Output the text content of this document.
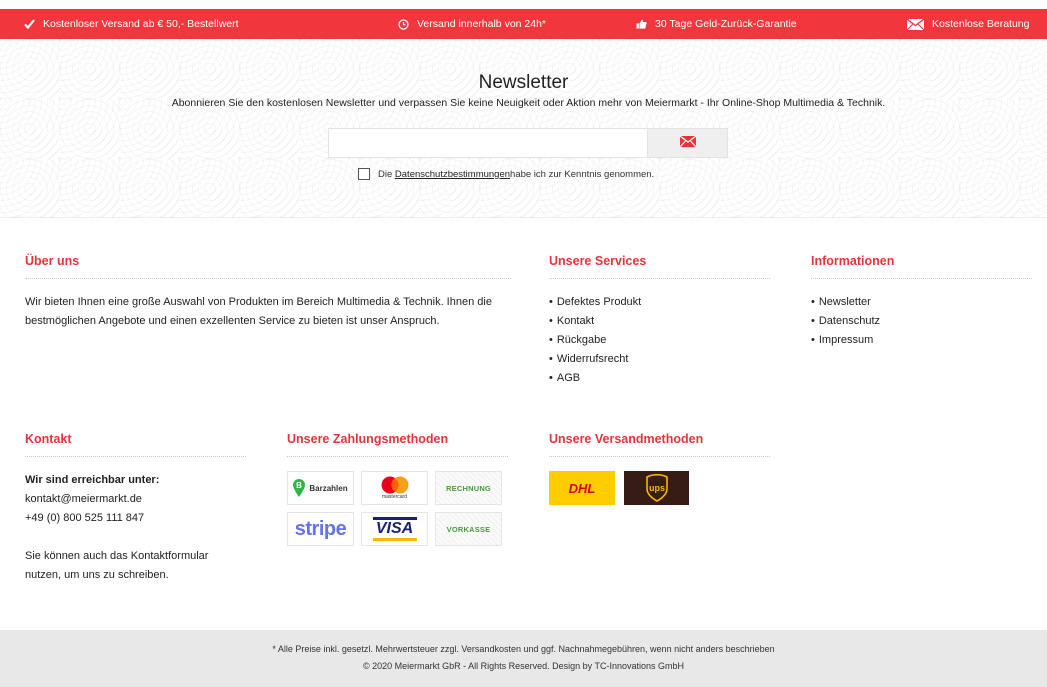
Kostenloser Versand ab € 50,- Bestellwert	Versand innerhalb von 24h*	30 Tage Geld-Zurück-Garantie	Kostenlose Beratung
Newsletter
Abonnieren Sie den kostenlosen Newsletter und verpassen Sie keine Neuigkeit oder Aktion mehr von Meiermarkt - Ihr Online-Shop Multimedia & Technik.
Die
Datenschutzbestimmungen habe ich zur Kenntnis genommen.
Über uns
Wir bieten Ihnen eine große Auswahl von Produkten im Bereich Multimedia & Technik. Ihnen die bestmöglichen Angebote und einen exzellenten Service zu bieten ist unser Anspruch.
Unsere Services
• Defektes Produkt
• Kontakt
• Rückgabe
• Widerrufsrecht
• AGB
Informationen
• Newsletter
• Datenschutz
• Impressum
Kontakt

Wir sind erreichbar unter:

kontakt@meiermarkt.de

+49 (0) 800 525 111 847

Sie können auch das Kontaktformular nutzen, um uns zu schreiben.

Unsere Zahlungsmethoden
B Barzahlen
mastercard
RECHNUNG
stripe VISA	VORKASSE
Unsere Versandmethoden
DHL	ups
* Alle Preise inkl. gesetzl. Mehrwertsteuer zzgl. Versandkosten und ggf. Nachnahmegebühren, wenn nicht anders beschrieben
© 2020 Meiermarkt GbR - All Rights Reserved. Design by TC-Innovations GmbH
